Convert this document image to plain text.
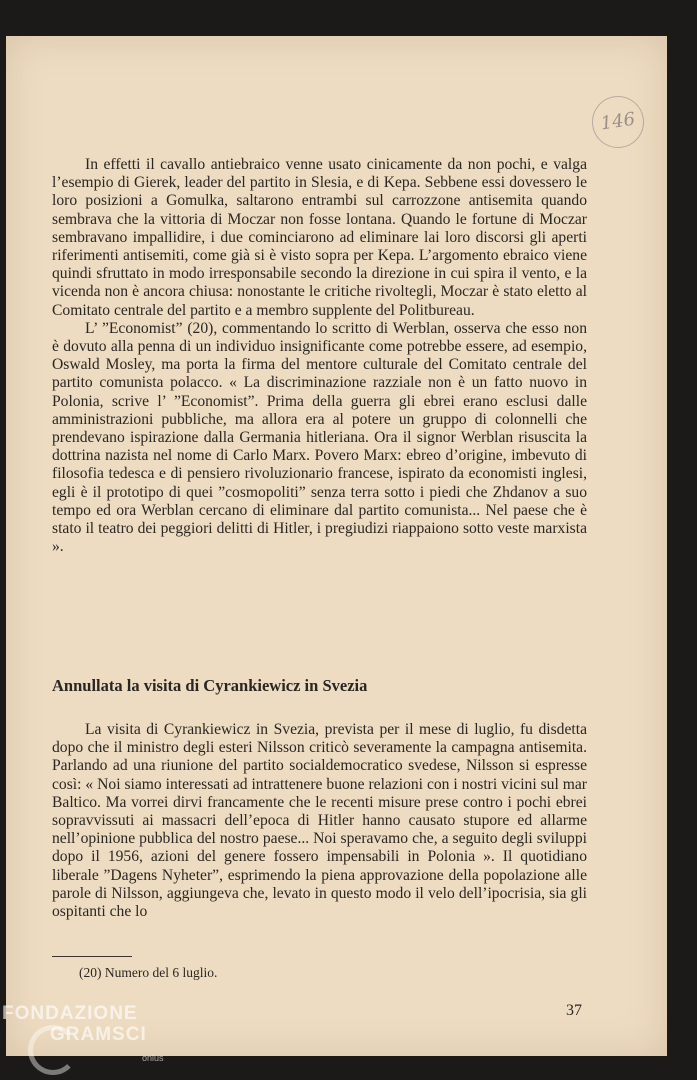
146

In effetti il cavallo antiebraico venne usato cinicamente da non pochi, e valga l’esempio di Gierek, leader del partito in Slesia, e di Kepa. Sebbene essi dovessero le loro posizioni a Gomulka, saltarono entrambi sul carrozzone antisemita quando sembrava che la vittoria di Moczar non fosse lontana. Quando le fortune di Moczar sembravano impallidire, i due cominciarono ad eliminare lai loro discorsi gli aperti riferimenti antisemiti, come già si è visto sopra per Kepa. L’argomento ebraico viene quindi sfruttato in modo irresponsabile secondo la direzione in cui spira il vento, e la vicenda non è ancora chiusa: nonostante le critiche rivoltegli, Moczar è stato eletto al Comitato centrale del partito e a membro supplente del Politbureau.

L’ ”Economist” (20), commentando lo scritto di Werblan, osserva che esso non è dovuto alla penna di un individuo insignificante come potrebbe essere, ad esempio, Oswald Mosley, ma porta la firma del mentore culturale del Comitato centrale del partito comunista polacco. « La discriminazione razziale non è un fatto nuovo in Polonia, scrive l’ ”Economist”. Prima della guerra gli ebrei erano esclusi dalle amministrazioni pubbliche, ma allora era al potere un gruppo di colonnelli che prendevano ispirazione dalla Germania hitleriana. Ora il signor Werblan risuscita la dottrina nazista nel nome di Carlo Marx. Povero Marx: ebreo d’origine, imbevuto di filosofia tedesca e di pensiero rivoluzionario francese, ispirato da economisti inglesi, egli è il prototipo di quei ”cosmopoliti” senza terra sotto i piedi che Zhdanov a suo tempo ed ora Werblan cercano di eliminare dal partito comunista... Nel paese che è stato il teatro dei peggiori delitti di Hitler, i pregiudizi riappaiono sotto veste marxista ».

Annullata la visita di Cyrankiewicz in Svezia

La visita di Cyrankiewicz in Svezia, prevista per il mese di luglio, fu disdetta dopo che il ministro degli esteri Nilsson criticò severamente la campagna antisemita. Parlando ad una riunione del partito socialdemocratico svedese, Nilsson si espresse così: « Noi siamo interessati ad intrattenere buone relazioni con i nostri vicini sul mar Baltico. Ma vorrei dirvi francamente che le recenti misure prese contro i pochi ebrei sopravvissuti ai massacri dell’epoca di Hitler hanno causato stupore ed allarme nell’opinione pubblica del nostro paese... Noi speravamo che, a seguito degli sviluppi dopo il 1956, azioni del genere fossero impensabili in Polonia ». Il quotidiano liberale ”Dagens Nyheter”, esprimendo la piena approvazione della popolazione alle parole di Nilsson, aggiungeva che, levato in questo modo il velo dell’ipocrisia, sia gli ospitanti che lo

(20) Numero del 6 luglio.

37
FONDAZIONE
GRAMSCI
onlus
